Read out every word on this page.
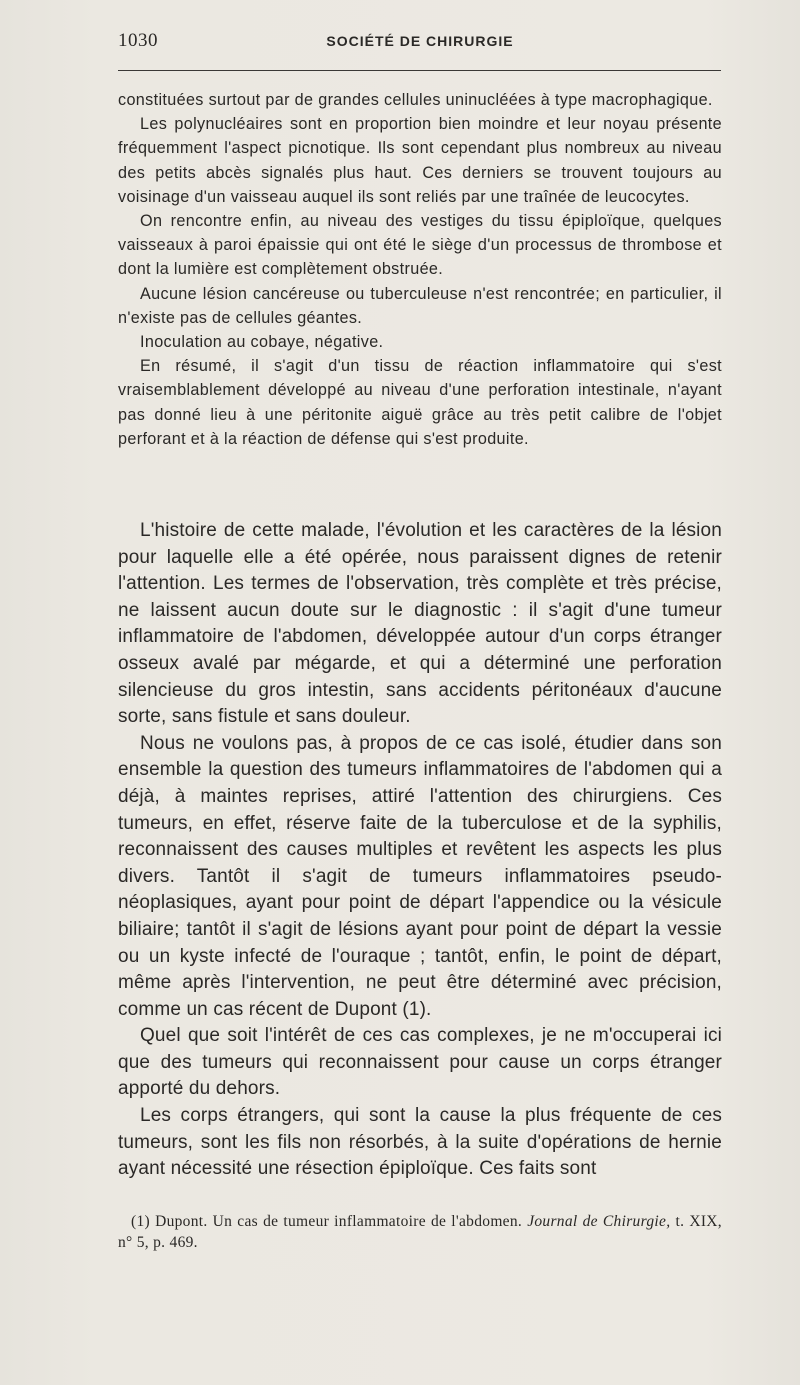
1030	SOCIÉTÉ DE CHIRURGIE

constituées surtout par de grandes cellules uninucléées à type macrophagique.

Les polynucléaires sont en proportion bien moindre et leur noyau présente fréquemment l'aspect picnotique. Ils sont cependant plus nombreux au niveau des petits abcès signalés plus haut. Ces derniers se trouvent toujours au voisinage d'un vaisseau auquel ils sont reliés par une traînée de leucocytes.

On rencontre enfin, au niveau des vestiges du tissu épiploïque, quelques vaisseaux à paroi épaissie qui ont été le siège d'un processus de thrombose et dont la lumière est complètement obstruée.

Aucune lésion cancéreuse ou tuberculeuse n'est rencontrée; en particulier, il n'existe pas de cellules géantes.

Inoculation au cobaye, négative.

En résumé, il s'agit d'un tissu de réaction inflammatoire qui s'est vraisemblablement développé au niveau d'une perforation intestinale, n'ayant pas donné lieu à une péritonite aiguë grâce au très petit calibre de l'objet perforant et à la réaction de défense qui s'est produite.

L'histoire de cette malade, l'évolution et les caractères de la lésion pour laquelle elle a été opérée, nous paraissent dignes de retenir l'attention. Les termes de l'observation, très complète et très précise, ne laissent aucun doute sur le diagnostic : il s'agit d'une tumeur inflammatoire de l'abdomen, développée autour d'un corps étranger osseux avalé par mégarde, et qui a déterminé une perforation silencieuse du gros intestin, sans accidents péritonéaux d'aucune sorte, sans fistule et sans douleur.

Nous ne voulons pas, à propos de ce cas isolé, étudier dans son ensemble la question des tumeurs inflammatoires de l'abdomen qui a déjà, à maintes reprises, attiré l'attention des chirurgiens. Ces tumeurs, en effet, réserve faite de la tuberculose et de la syphilis, reconnaissent des causes multiples et revêtent les aspects les plus divers. Tantôt il s'agit de tumeurs inflammatoires pseudo-néoplasiques, ayant pour point de départ l'appendice ou la vésicule biliaire; tantôt il s'agit de lésions ayant pour point de départ la vessie ou un kyste infecté de l'ouraque ; tantôt, enfin, le point de départ, même après l'intervention, ne peut être déterminé avec précision, comme un cas récent de Dupont (1).

Quel que soit l'intérêt de ces cas complexes, je ne m'occuperai ici que des tumeurs qui reconnaissent pour cause un corps étranger apporté du dehors.

Les corps étrangers, qui sont la cause la plus fréquente de ces tumeurs, sont les fils non résorbés, à la suite d'opérations de hernie ayant nécessité une résection épiploïque. Ces faits sont

(1) Dupont. Un cas de tumeur inflammatoire de l'abdomen. Journal de Chirurgie, t. XIX, n° 5, p. 469.
